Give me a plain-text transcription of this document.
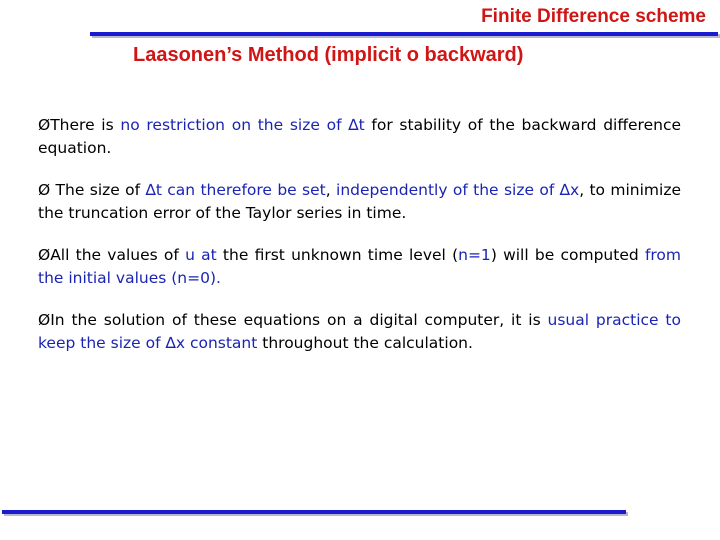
Finite Difference scheme
Laasonen’s Method (implicit o backward)

ØThere is no restriction on the size of ∆t for stability of the backward difference equation.

Ø The size of ∆t can therefore be set, independently of the size of ∆x, to minimize the truncation error of the Taylor series in time.

ØAll the values of u at the first unknown time level (n=1) will be computed from the initial values (n=0).

ØIn the solution of these equations on a digital computer, it is usual practice to keep the size of ∆x constant throughout the calculation.
